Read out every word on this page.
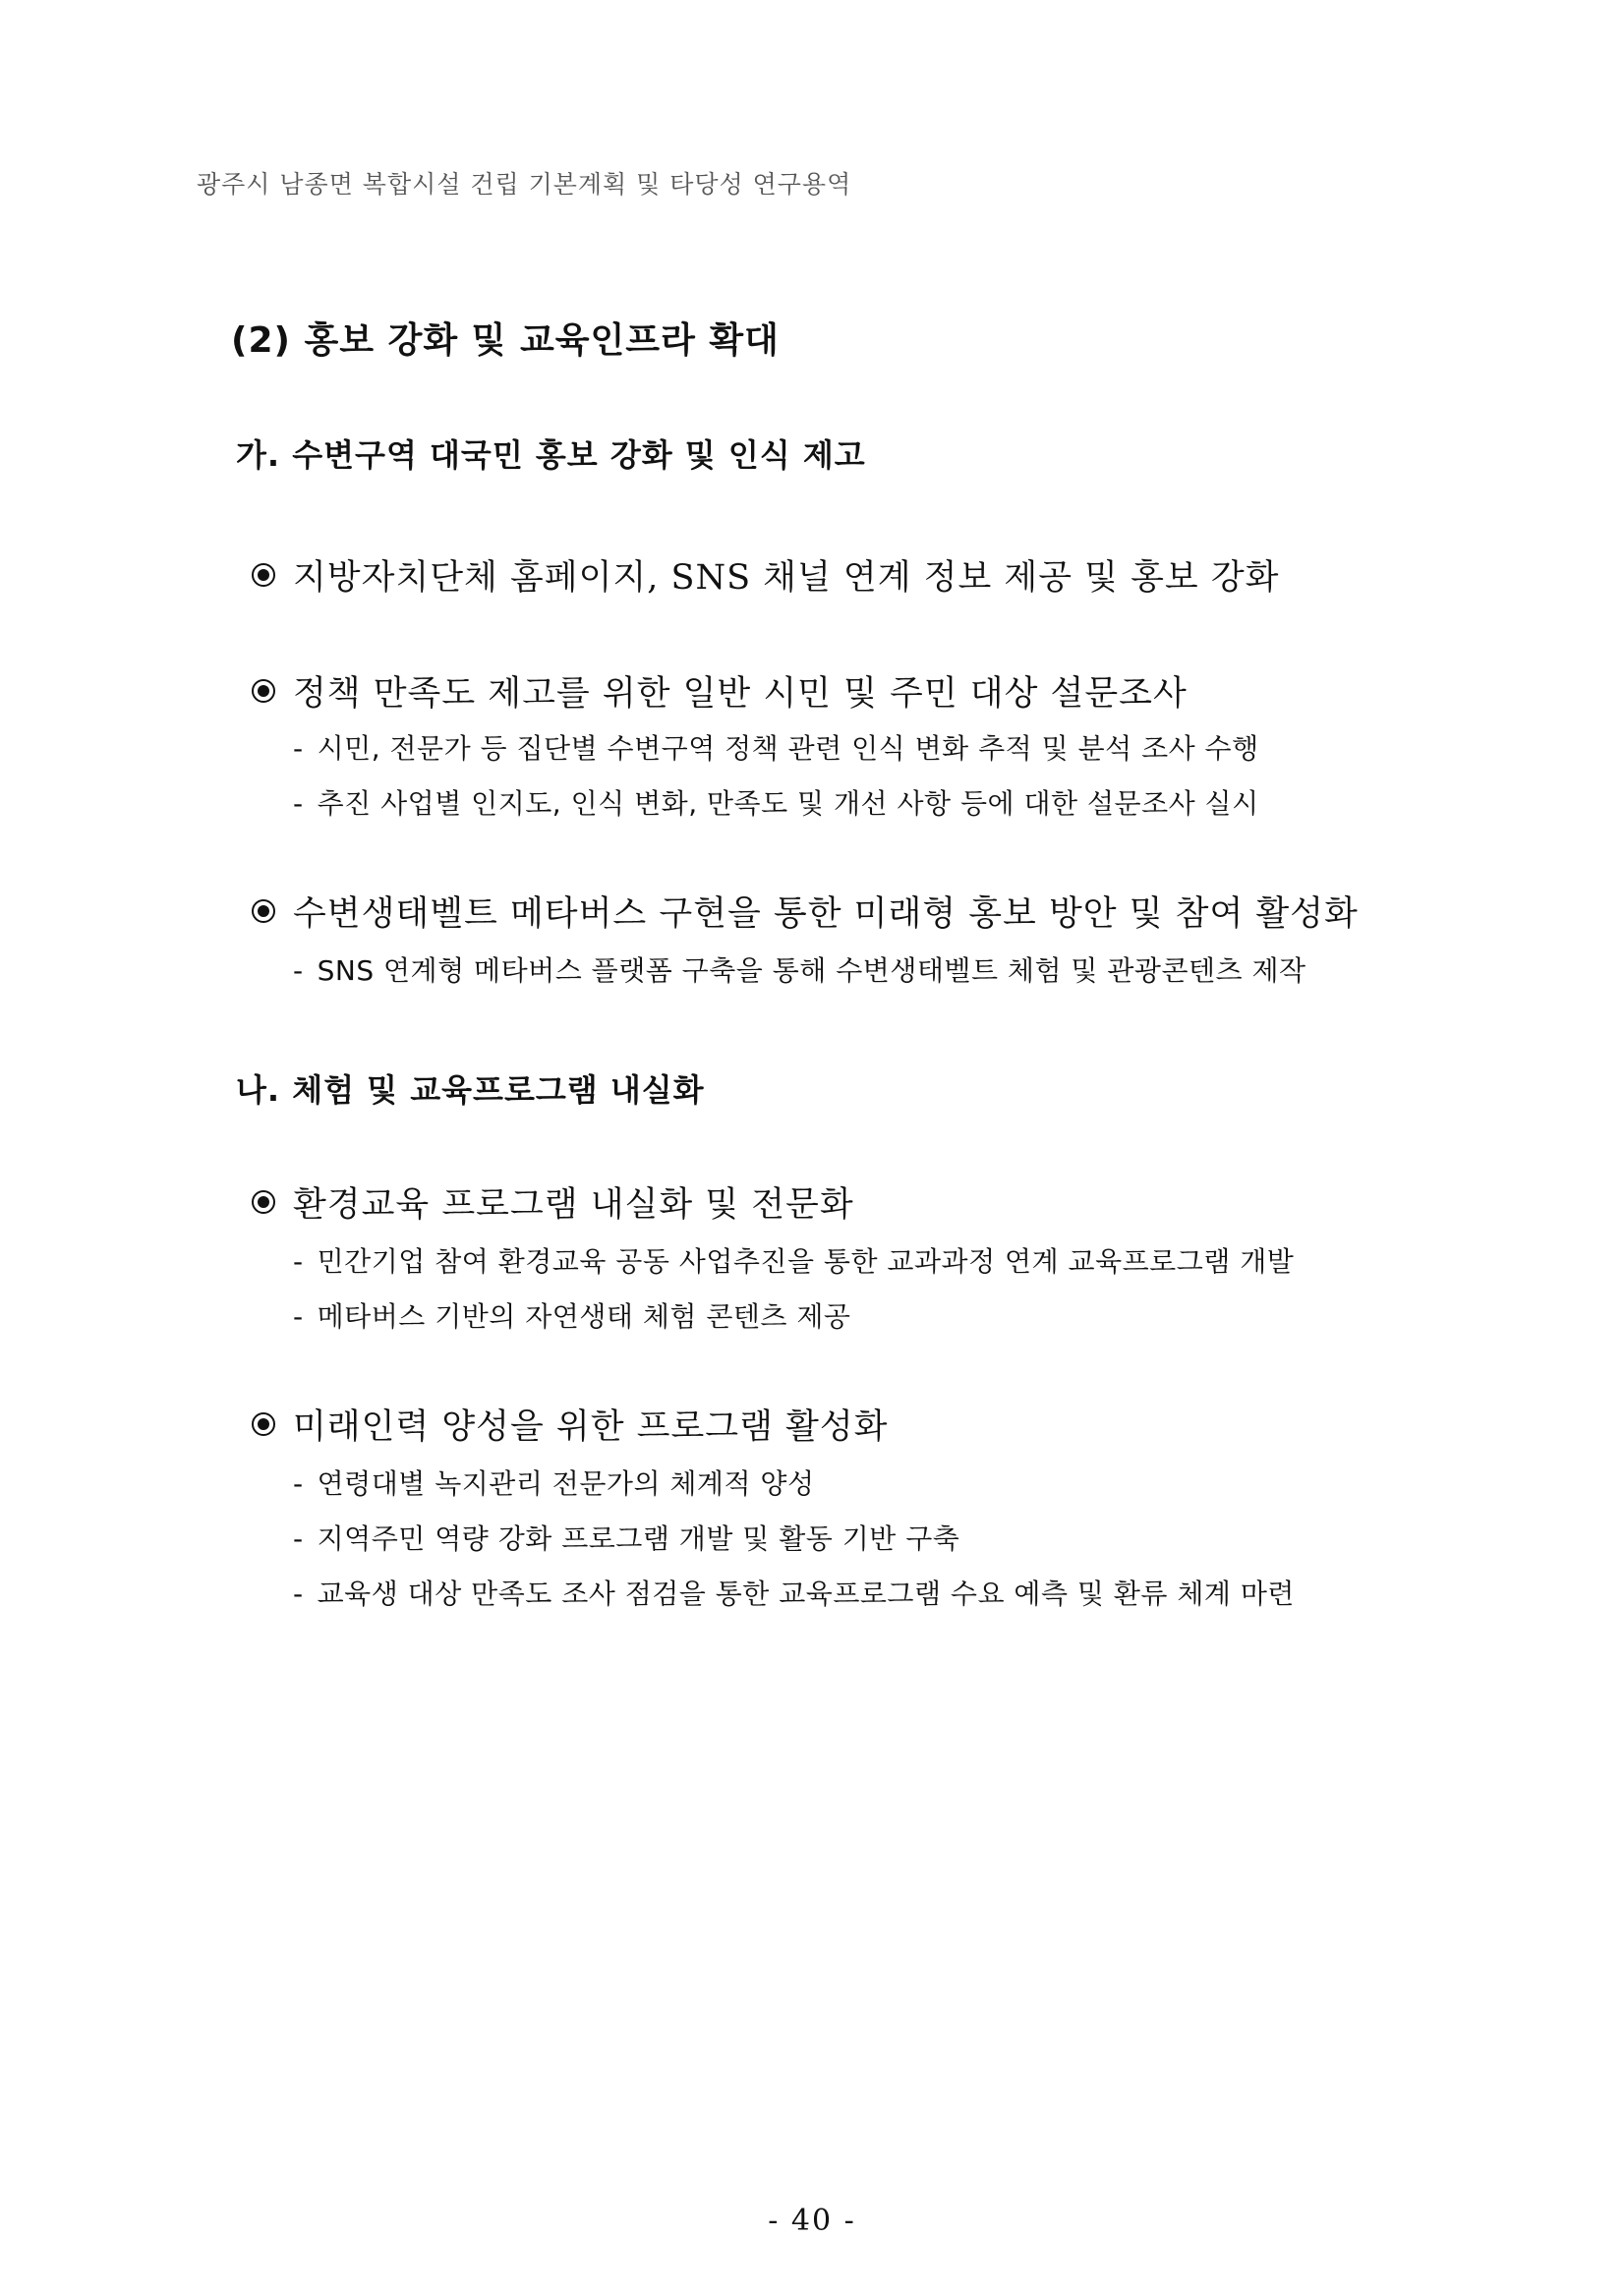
광주시 남종면 복합시설 건립 기본계획 및 타당성 연구용역
(2) 홍보 강화 및 교육인프라 확대
가. 수변구역 대국민 홍보 강화 및 인식 제고
지방자치단체 홈페이지, SNS 채널 연계 정보 제공 및 홍보 강화
정책 만족도 제고를 위한 일반 시민 및 주민 대상 설문조사
- 시민, 전문가 등 집단별 수변구역 정책 관련 인식 변화 추적 및 분석 조사 수행
- 추진 사업별 인지도, 인식 변화, 만족도 및 개선 사항 등에 대한 설문조사 실시
수변생태벨트 메타버스 구현을 통한 미래형 홍보 방안 및 참여 활성화
- SNS 연계형 메타버스 플랫폼 구축을 통해 수변생태벨트 체험 및 관광콘텐츠 제작
나. 체험 및 교육프로그램 내실화
환경교육 프로그램 내실화 및 전문화
- 민간기업 참여 환경교육 공동 사업추진을 통한 교과과정 연계 교육프로그램 개발
- 메타버스 기반의 자연생태 체험 콘텐츠 제공
미래인력 양성을 위한 프로그램 활성화
- 연령대별 녹지관리 전문가의 체계적 양성
- 지역주민 역량 강화 프로그램 개발 및 활동 기반 구축
- 교육생 대상 만족도 조사 점검을 통한 교육프로그램 수요 예측 및 환류 체계 마련
- 40 -
